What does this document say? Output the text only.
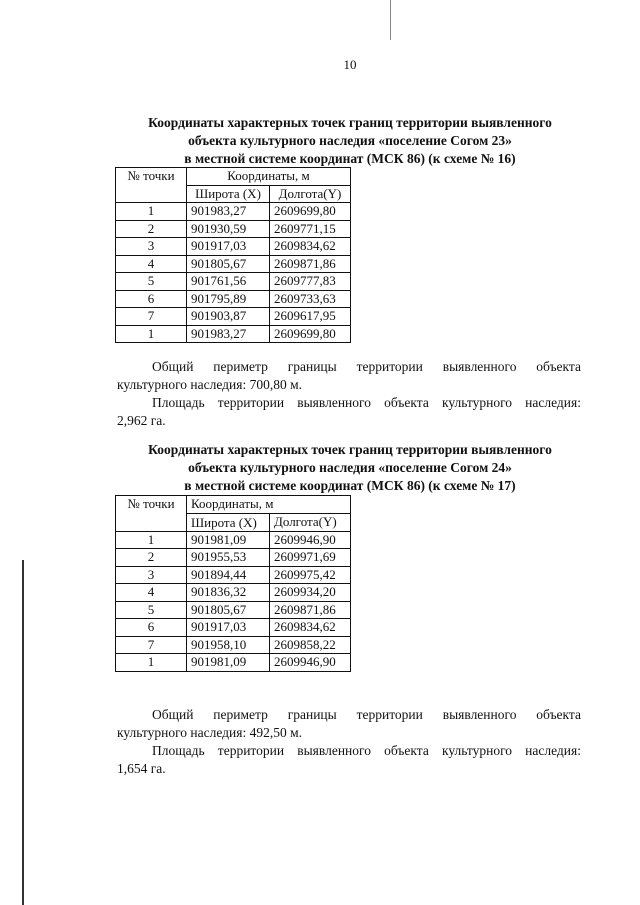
10
Координаты характерных точек границ территории выявленного
объекта культурного наследия «поселение Согом 23»
в местной системе координат (МСК 86) (к схеме № 16)
№ точки	Координаты, м	
	Широта (X)	Долгота(Y)
1	901983,27	2609699,80
2	901930,59	2609771,15
3	901917,03	2609834,62
4	901805,67	2609871,86
5	901761,56	2609777,83
6	901795,89	2609733,63
7	901903,87	2609617,95
1	901983,27	2609699,80

Общий периметр границы территории выявленного объекта

культурного наследия: 700,80 м.

Площадь территории выявленного объекта культурного наследия:

2,962 га.
Координаты характерных точек границ территории выявленного
объекта культурного наследия «поселение Согом 24»
в местной системе координат (МСК 86) (к схеме № 17)
№ точки	Координаты, м	
	Широта (X)	Долгота(Y)
1	901981,09	2609946,90
2	901955,53	2609971,69
3	901894,44	2609975,42
4	901836,32	2609934,20
5	901805,67	2609871,86
6	901917,03	2609834,62
7	901958,10	2609858,22
1	901981,09	2609946,90

Общий периметр границы территории выявленного объекта

культурного наследия: 492,50 м.

Площадь территории выявленного объекта культурного наследия:

1,654 га.
